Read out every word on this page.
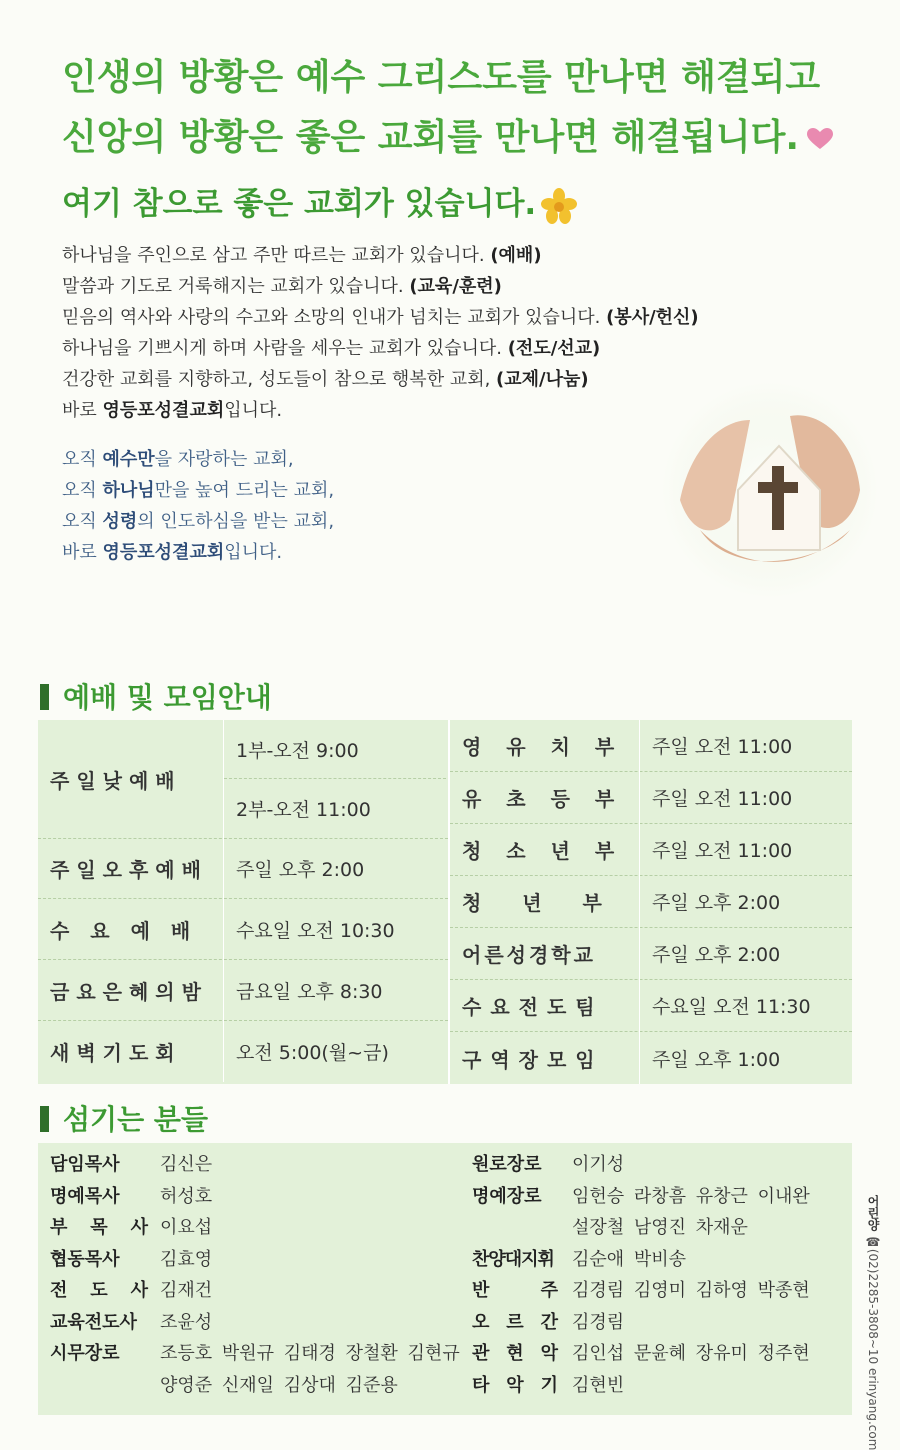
인생의 방황은 예수 그리스도를 만나면 해결되고
신앙의 방황은 좋은 교회를 만나면 해결됩니다.
여기 참으로 좋은 교회가 있습니다.

하나님을 주인으로 삼고 주만 따르는 교회가 있습니다. (예배)

말씀과 기도로 거룩해지는 교회가 있습니다. (교육/훈련)

믿음의 역사와 사랑의 수고와 소망의 인내가 넘치는 교회가 있습니다. (봉사/헌신)

하나님을 기쁘시게 하며 사람을 세우는 교회가 있습니다. (전도/선교)

건강한 교회를 지향하고, 성도들이 참으로 행복한 교회, (교제/나눔)

바로 영등포성결교회입니다.

오직 예수만을 자랑하는 교회,

오직 하나님만을 높여 드리는 교회,

오직 성령의 인도하심을 받는 교회,

바로 영등포성결교회입니다.

예배 및 모임안내
주일낮예배
1부-오전 9:00
2부-오전 11:00
주일오후예배	주일 오후 2:00
수 요 예 배	수요일 오전 10:30
금요은혜의밤	금요일 오후 8:30
새벽기도회	오전 5:00(월~금)
영 유 치 부	주일 오전 11:00
유 초 등 부	주일 오전 11:00
청 소 년 부	주일 오전 11:00
청  년  부	주일 오후 2:00
어른성경학교	주일 오후 2:00
수요전도팀	수요일 오전 11:30
구역장모임	주일 오후 1:00
섬기는 분들
담임목사	김신은
명예목사	허성호
부 목 사 이요섭
협동목사	김효영
전 도 사 김재건
교육전도사	조윤성
시무장로	조등호 박원규 김태경 장철환 김현규
양영준 신재일 김상대 김준용
원로장로	이기성
명예장로	임헌승 라창흠 유창근 이내완
설장철 남영진 차재운
찬양대지휘 김순애 박비송
반 주 김경림 김영미 김하영 박종현
오 르 간 김경림
관 현 악 김인섭 문윤혜 장유미 정주현
타 악 기 김현빈
어린양 ☎(02)2285-3808~10 erinyang.com
